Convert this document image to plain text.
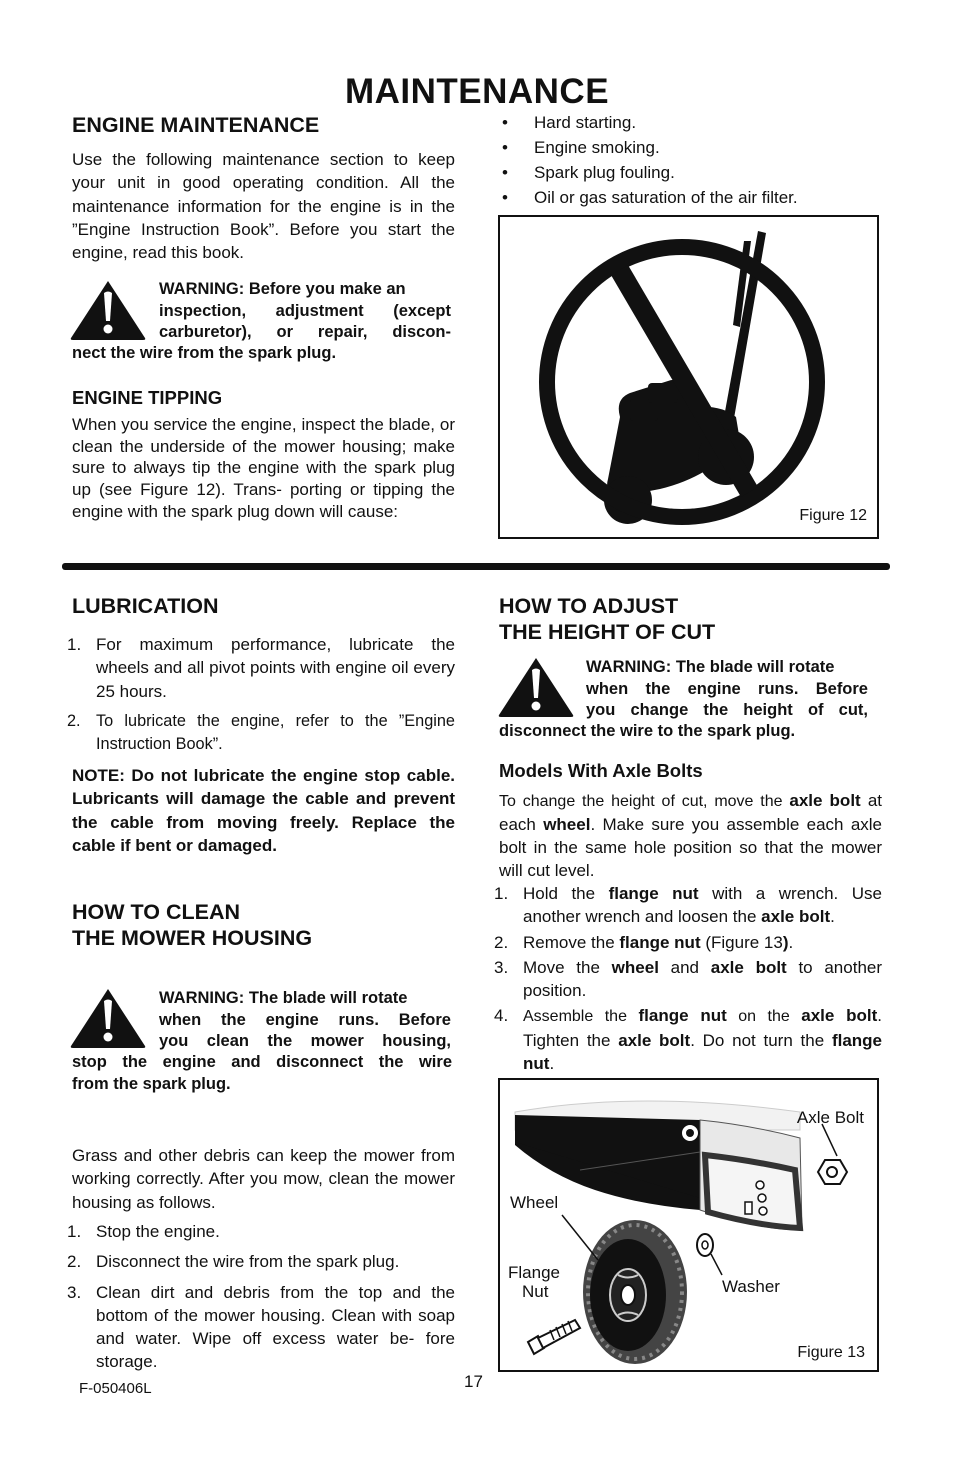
MAINTENANCE
ENGINE MAINTENANCE
Use the following maintenance section to keep your unit in good operating condition. All the maintenance information for the engine is in the ”Engine Instruction Book”. Before you start the engine, read this book.
WARNING: Before you make an
inspection, adjustment (except
carburetor), or repair, discon-
nect the wire from the spark plug.
ENGINE TIPPING
When you service the engine, inspect the blade, or clean the underside of the mower housing; make sure to always tip the engine with the spark plug up (see Figure 12). Trans- porting or tipping the engine with the spark plug down will cause:
• Hard starting.
• Engine smoking.
• Spark plug fouling.
• Oil or gas saturation of the air filter.
Figure 12
LUBRICATION
1. For maximum performance, lubricate the wheels and all pivot points with engine oil every 25 hours.
2. To lubricate the engine, refer to the ”Engine Instruction Book”.
NOTE: Do not lubricate the engine stop cable. Lubricants will damage the cable and prevent the cable from moving freely. Replace the cable if bent or damaged.
HOW TO CLEAN
THE MOWER HOUSING
WARNING: The blade will rotate
when the engine runs. Before
you clean the mower housing,
stop the engine and disconnect the wire
from the spark plug.
Grass and other debris can keep the mower from working correctly. After you mow, clean the mower housing as follows.
1. Stop the engine.
2. Disconnect the wire from the spark plug.
3. Clean dirt and debris from the top and the bottom of the mower housing. Clean with soap and water. Wipe off excess water be- fore storage.
HOW TO ADJUST
THE HEIGHT OF CUT
WARNING: The blade will rotate
when the engine runs. Before
you change the height of cut,
disconnect the wire to the spark plug.
Models With Axle Bolts
To change the height of cut, move the axle bolt at each wheel. Make sure you assemble each axle bolt in the same hole position so that the mower will cut level.
1. Hold the flange nut with a wrench. Use another wrench and loosen the axle bolt.
2. Remove the flange nut (Figure 13).
3. Move the wheel and axle bolt to another position.
4. Assemble the flange nut on the axle bolt. Tighten the axle bolt. Do not turn the flange nut.
Axle Bolt
Wheel
Flange
Nut	Washer
Figure 13
17
F-050406L
